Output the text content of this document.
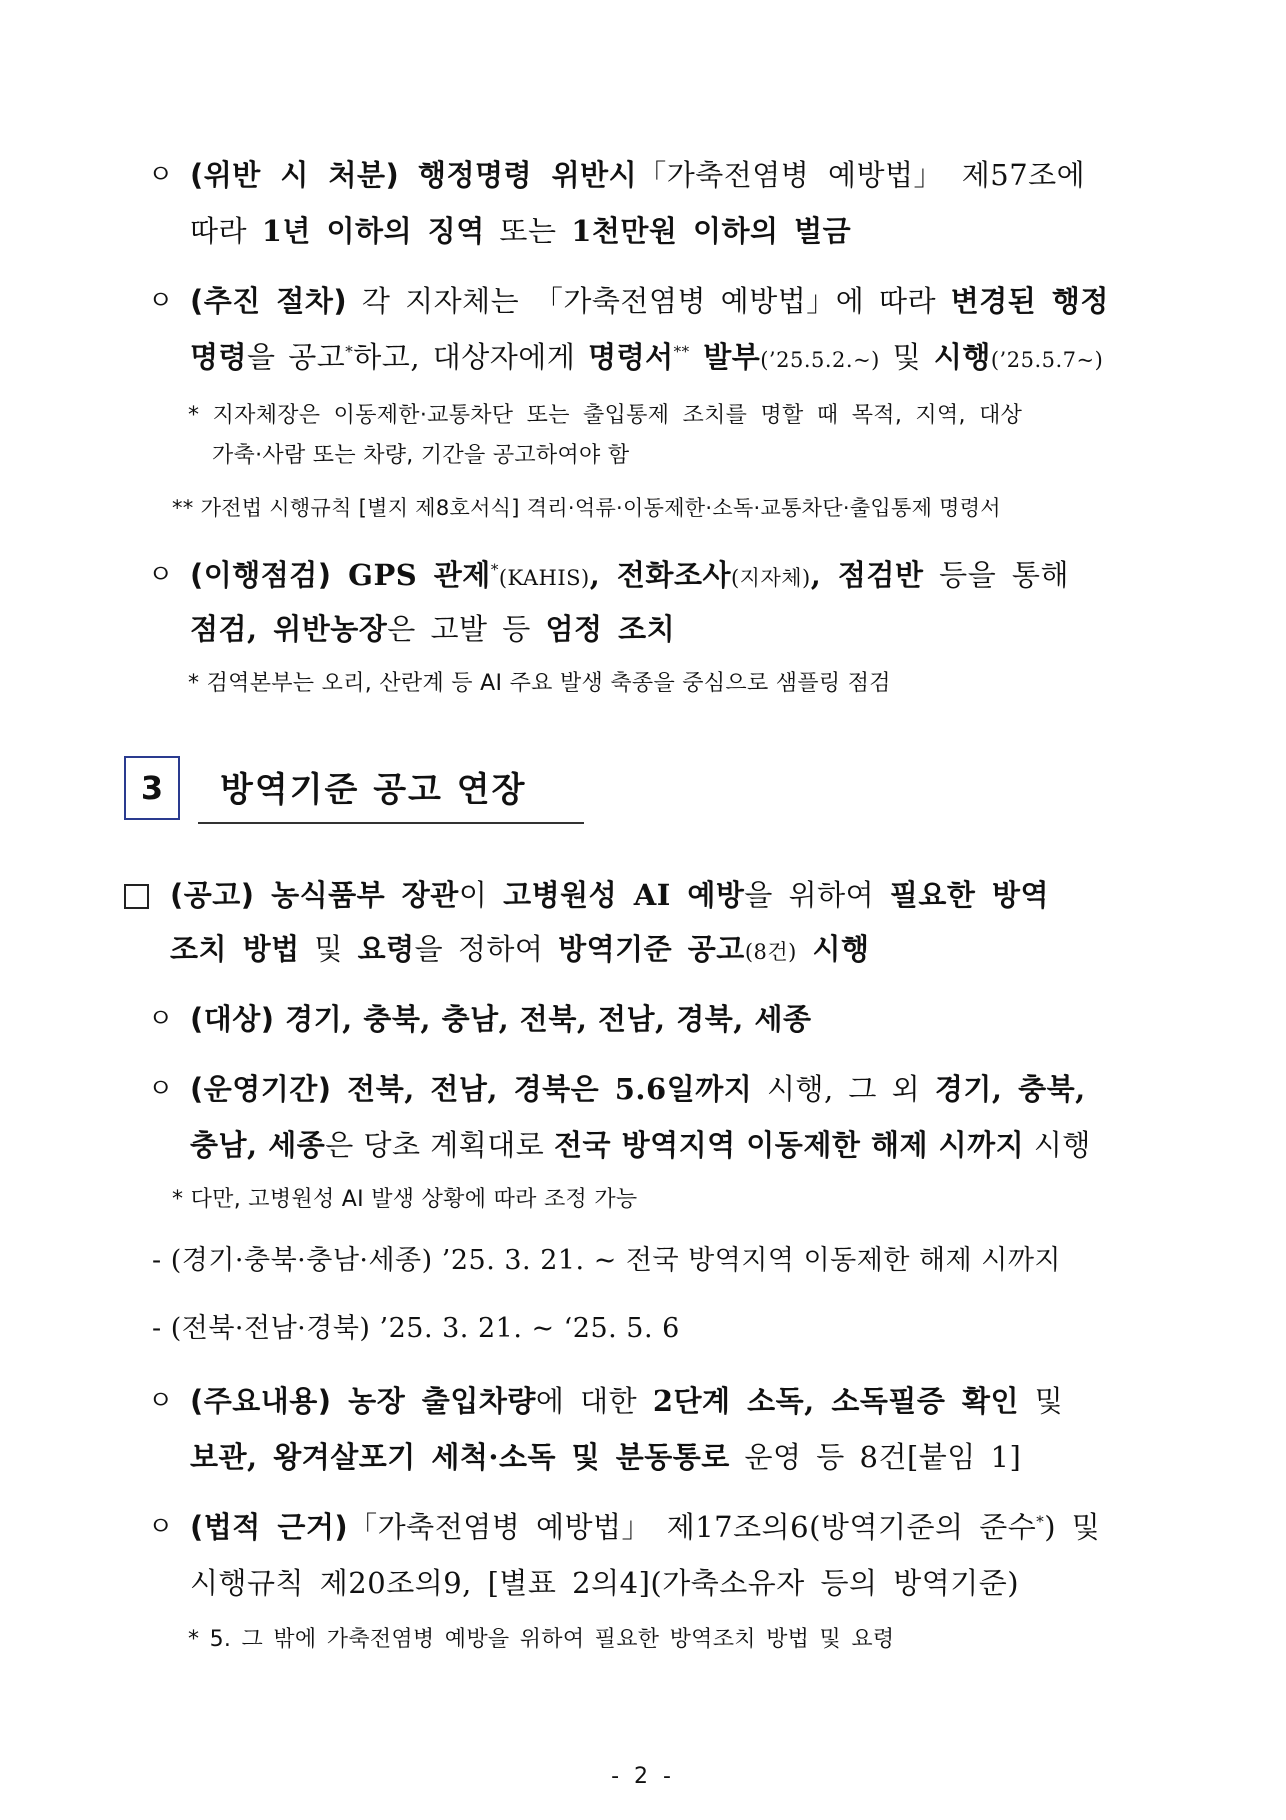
ㅇ (위반 시 처분) 행정명령 위반시「가축전염병 예방법」 제57조에
따라 1년 이하의 징역 또는 1천만원 이하의 벌금
ㅇ (추진 절차) 각 지자체는 「가축전염병 예방법」에 따라 변경된 행정
명령을 공고*하고, 대상자에게 명령서** 발부(’25.5.2.~) 및 시행(’25.5.7~)
* 지자체장은 이동제한·교통차단 또는 출입통제 조치를 명할 때 목적, 지역, 대상
가축·사람 또는 차량, 기간을 공고하여야 함
** 가전법 시행규칙 [별지 제8호서식] 격리·억류·이동제한·소독·교통차단·출입통제 명령서
ㅇ (이행점검) GPS 관제*(KAHIS), 전화조사(지자체), 점검반 등을 통해
점검, 위반농장은 고발 등 엄정 조치
* 검역본부는 오리, 산란계 등 AI 주요 발생 축종을 중심으로 샘플링 점검
3	방역기준 공고 연장
(공고) 농식품부 장관이 고병원성 AI 예방을 위하여 필요한 방역
조치 방법 및 요령을 정하여 방역기준 공고(8건) 시행
ㅇ (대상) 경기, 충북, 충남, 전북, 전남, 경북, 세종
ㅇ (운영기간) 전북, 전남, 경북은 5.6일까지 시행, 그 외 경기, 충북,
충남, 세종은 당초 계획대로 전국 방역지역 이동제한 해제 시까지 시행
* 다만, 고병원성 AI 발생 상황에 따라 조정 가능
- (경기·충북·충남·세종) ’25. 3. 21. ~ 전국 방역지역 이동제한 해제 시까지
- (전북·전남·경북) ’25. 3. 21. ~ ‘25. 5. 6
ㅇ (주요내용) 농장 출입차량에 대한 2단계 소독, 소독필증 확인 및
보관, 왕겨살포기 세척·소독 및 분동통로 운영 등 8건[붙임 1]
ㅇ (법적 근거)「가축전염병 예방법」 제17조의6(방역기준의 준수*) 및
시행규칙 제20조의9, [별표 2의4](가축소유자 등의 방역기준)
* 5. 그 밖에 가축전염병 예방을 위하여 필요한 방역조치 방법 및 요령
- 2 -
